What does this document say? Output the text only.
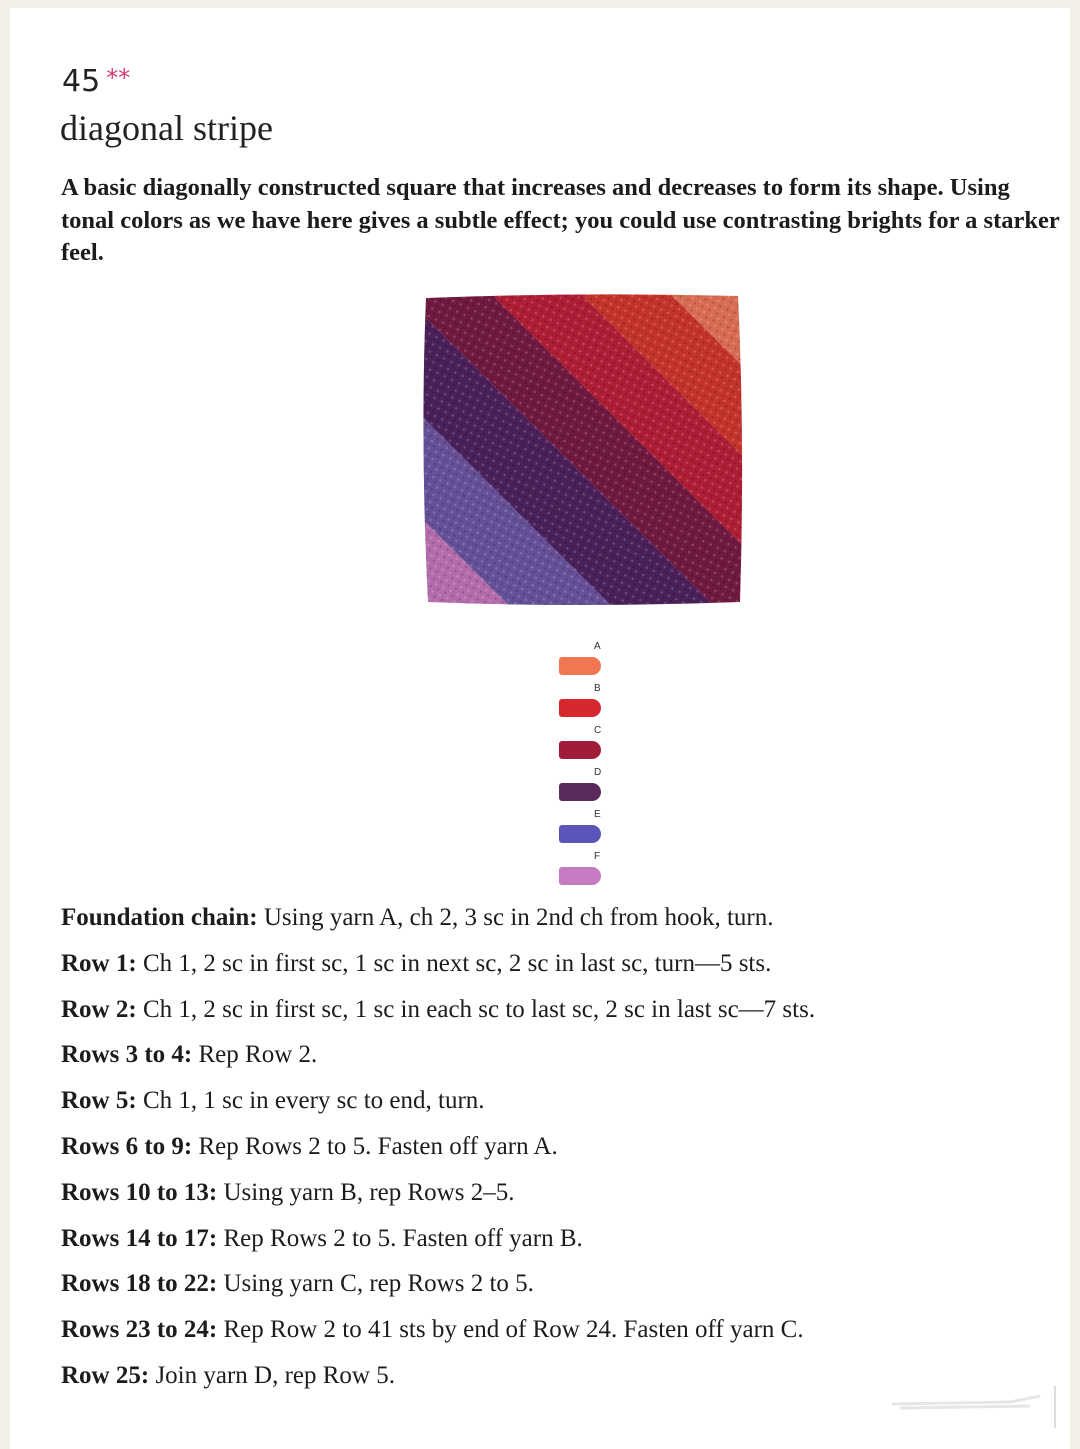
45 **
diagonal stripe
A basic diagonally constructed square that increases and decreases to form its shape. Using tonal colors as we have here gives a subtle effect; you could use contrasting brights for a starker feel.
A
B
C
D
E
F
Foundation chain: Using yarn A, ch 2, 3 sc in 2nd ch from hook, turn.
Row 1: Ch 1, 2 sc in first sc, 1 sc in next sc, 2 sc in last sc, turn—5 sts.
Row 2: Ch 1, 2 sc in first sc, 1 sc in each sc to last sc, 2 sc in last sc—7 sts.
Rows 3 to 4: Rep Row 2.
Row 5: Ch 1, 1 sc in every sc to end, turn.
Rows 6 to 9: Rep Rows 2 to 5. Fasten off yarn A.
Rows 10 to 13: Using yarn B, rep Rows 2–5.
Rows 14 to 17: Rep Rows 2 to 5. Fasten off yarn B.
Rows 18 to 22: Using yarn C, rep Rows 2 to 5.
Rows 23 to 24: Rep Row 2 to 41 sts by end of Row 24. Fasten off yarn C.
Row 25: Join yarn D, rep Row 5.
